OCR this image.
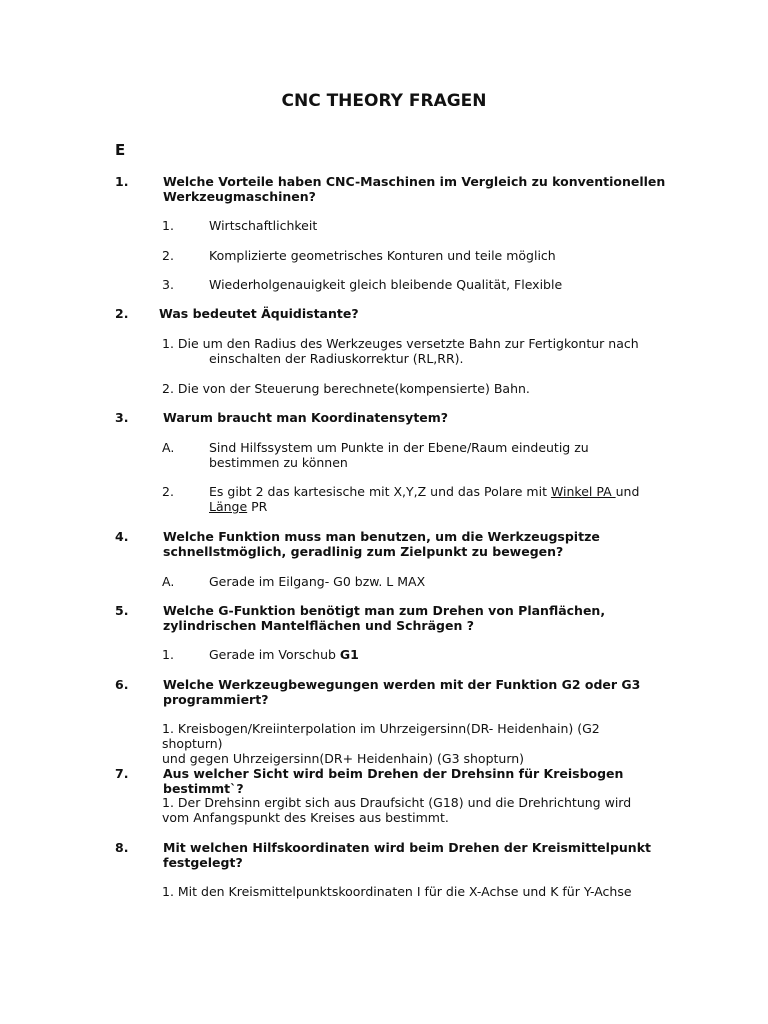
CNC THEORY FRAGEN
E
1.	Welche Vorteile haben CNC-Maschinen im Vergleich zu konventionellen Werkzeugmaschinen?
1.	Wirtschaftlichkeit
2.	Komplizierte geometrisches Konturen und teile möglich
3.	Wiederholgenauigkeit gleich bleibende Qualität, Flexible
2. Was bedeutet Äquidistante?
1. Die um den Radius des Werkzeuges versetzte Bahn zur Fertigkontur nach
einschalten der Radiuskorrektur (RL,RR).
2. Die von der Steuerung berechnete(kompensierte) Bahn.
3.	Warum braucht man Koordinatensytem?
A.	Sind Hilfssystem um Punkte in der Ebene/Raum eindeutig zu bestimmen zu können
2.	Es gibt 2 das kartesische mit X,Y,Z und das Polare mit Winkel PA und
Länge PR
4.	Welche Funktion muss man benutzen, um die Werkzeugspitze schnellstmöglich, geradlinig zum Zielpunkt zu bewegen?
A.	Gerade im Eilgang- G0 bzw. L MAX
5.	Welche G-Funktion benötigt man zum Drehen von Planflächen, zylindrischen Mantelflächen und Schrägen ?
1.	Gerade im Vorschub G1
6.	Welche Werkzeugbewegungen werden mit der Funktion G2 oder G3 programmiert?
1. Kreisbogen/Kreiinterpolation im Uhrzeigersinn(DR- Heidenhain) (G2 shopturn)
und gegen Uhrzeigersinn(DR+ Heidenhain) (G3 shopturn)
7.	Aus welcher Sicht wird beim Drehen der Drehsinn für Kreisbogen bestimmt`?
1. Der Drehsinn ergibt sich aus Draufsicht (G18) und die Drehrichtung wird
vom Anfangspunkt des Kreises aus bestimmt.
8.	Mit welchen Hilfskoordinaten wird beim Drehen der Kreismittelpunkt festgelegt?
1. Mit den Kreismittelpunktskoordinaten I für die X-Achse und K für Y-Achse
